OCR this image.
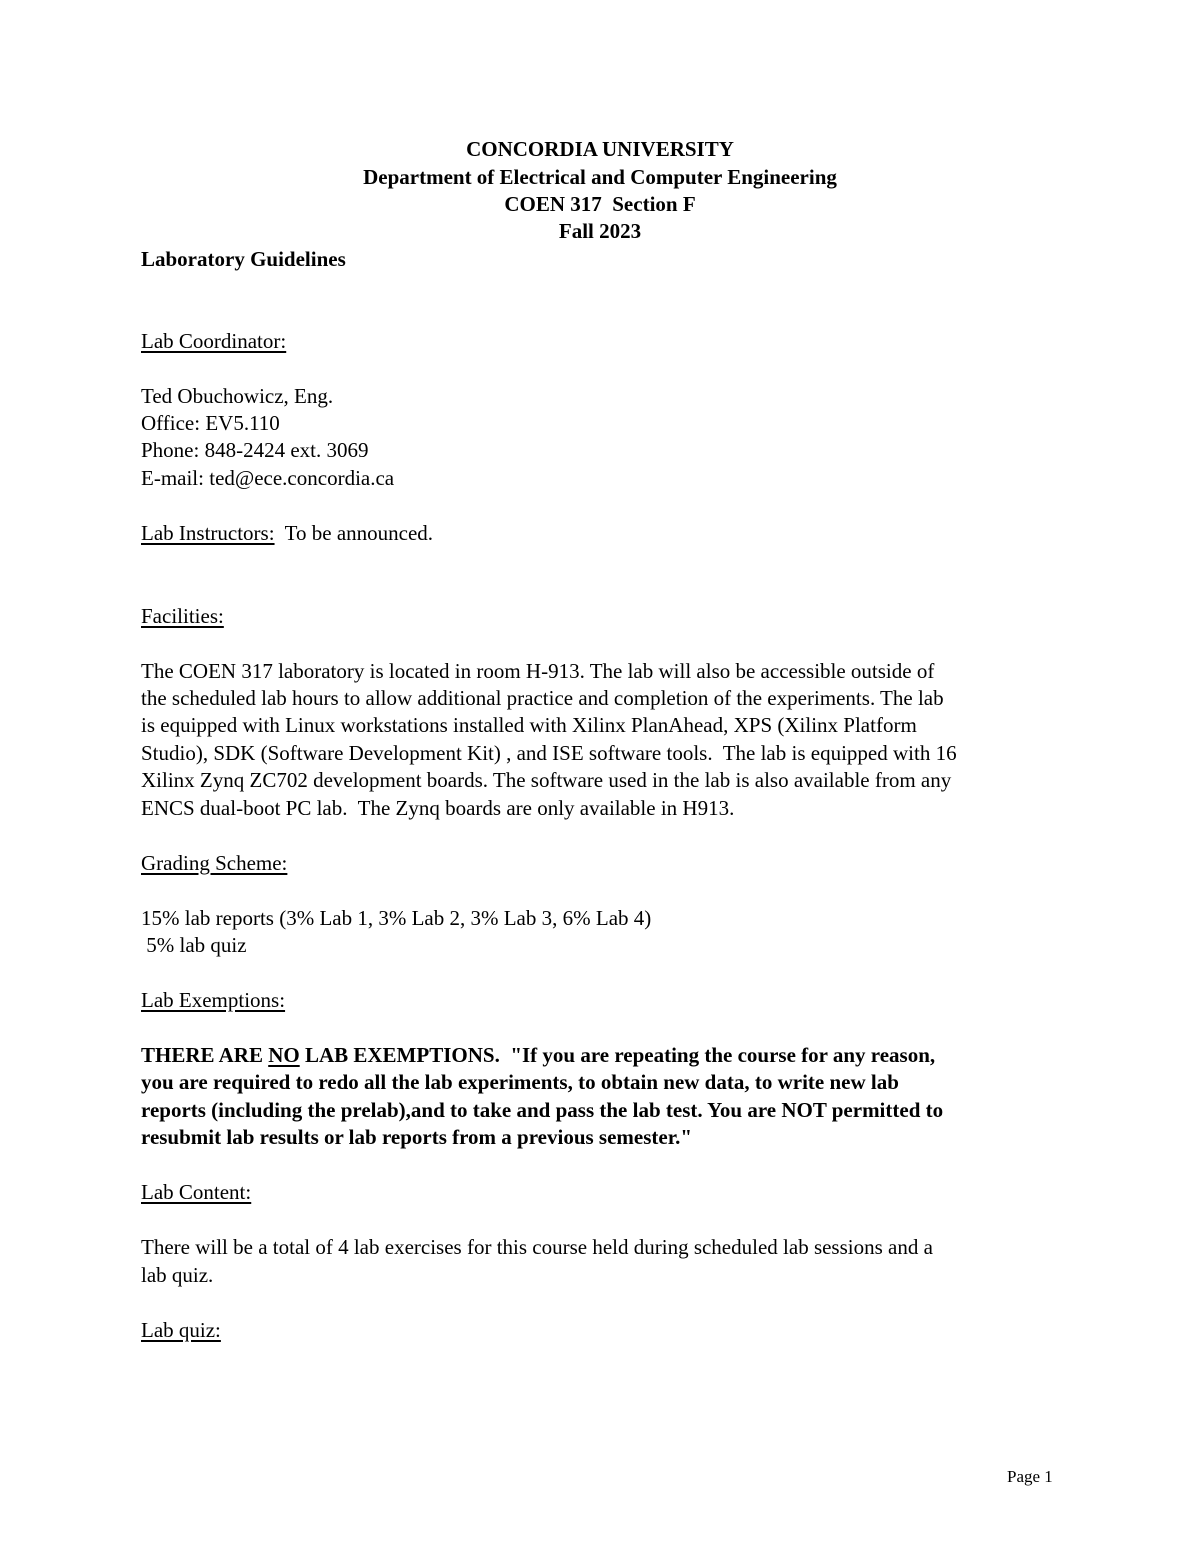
CONCORDIA UNIVERSITY
Department of Electrical and Computer Engineering
COEN 317  Section F
Fall 2023
Laboratory Guidelines
Lab Coordinator:
Ted Obuchowicz, Eng.
Office: EV5.110
Phone: 848-2424 ext. 3069
E-mail: ted@ece.concordia.ca
Lab Instructors:  To be announced.
Facilities:
The COEN 317 laboratory is located in room H-913. The lab will also be accessible outside of
the scheduled lab hours to allow additional practice and completion of the experiments. The lab
is equipped with Linux workstations installed with Xilinx PlanAhead, XPS (Xilinx Platform
Studio), SDK (Software Development Kit) , and ISE software tools.  The lab is equipped with 16
Xilinx Zynq ZC702 development boards. The software used in the lab is also available from any
ENCS dual-boot PC lab.  The Zynq boards are only available in H913.
Grading Scheme:
15% lab reports (3% Lab 1, 3% Lab 2, 3% Lab 3, 6% Lab 4)
5% lab quiz
Lab Exemptions:
THERE ARE NO LAB EXEMPTIONS.  "If you are repeating the course for any reason,
you are required to redo all the lab experiments, to obtain new data, to write new lab
reports (including the prelab),and to take and pass the lab test. You are NOT permitted to
resubmit lab results or lab reports from a previous semester."
Lab Content:
There will be a total of 4 lab exercises for this course held during scheduled lab sessions and a
lab quiz.
Lab quiz:
Page 1
